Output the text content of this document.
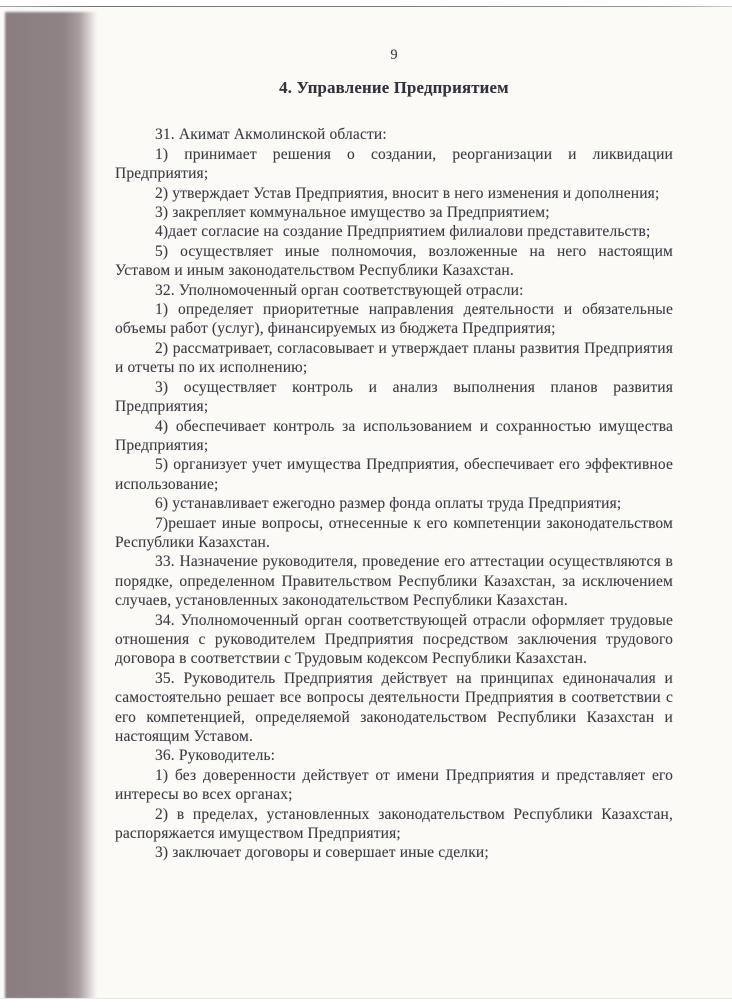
9
4. Управление Предприятием

31. Акимат Акмолинской области:

1) принимает решения о создании, реорганизации и ликвидации Предприятия;

2) утверждает Устав Предприятия, вносит в него изменения и дополнения;

3) закрепляет коммунальное имущество за Предприятием;

4)дает согласие на создание Предприятием филиалови представительств;

5) осуществляет иные полномочия, возложенные на него настоящим Уставом и иным законодательством Республики Казахстан.

32. Уполномоченный орган соответствующей отрасли:

1) определяет приоритетные направления деятельности и обязательные объемы работ (услуг), финансируемых из бюджета Предприятия;

2) рассматривает, согласовывает и утверждает планы развития Предприятия и отчеты по их исполнению;

3) осуществляет контроль и анализ выполнения планов развития Предприятия;

4) обеспечивает контроль за использованием и сохранностью имущества Предприятия;

5) организует учет имущества Предприятия, обеспечивает его эффективное использование;

6) устанавливает ежегодно размер фонда оплаты труда Предприятия;

7)решает иные вопросы, отнесенные к его компетенции законодательством Республики Казахстан.

33. Назначение руководителя, проведение его аттестации осуществляются в порядке, определенном Правительством Республики Казахстан, за исключением случаев, установленных законодательством Республики Казахстан.

34. Уполномоченный орган соответствующей отрасли оформляет трудовые отношения с руководителем Предприятия посредством заключения трудового договора в соответствии с Трудовым кодексом Республики Казахстан.

35. Руководитель Предприятия действует на принципах единоначалия и самостоятельно решает все вопросы деятельности Предприятия в соответствии с его компетенцией, определяемой законодательством Республики Казахстан и настоящим Уставом.

36. Руководитель:

1) без доверенности действует от имени Предприятия и представляет его интересы во всех органах;

2) в пределах, установленных законодательством Республики Казахстан, распоряжается имуществом Предприятия;

3) заключает договоры и совершает иные сделки;
